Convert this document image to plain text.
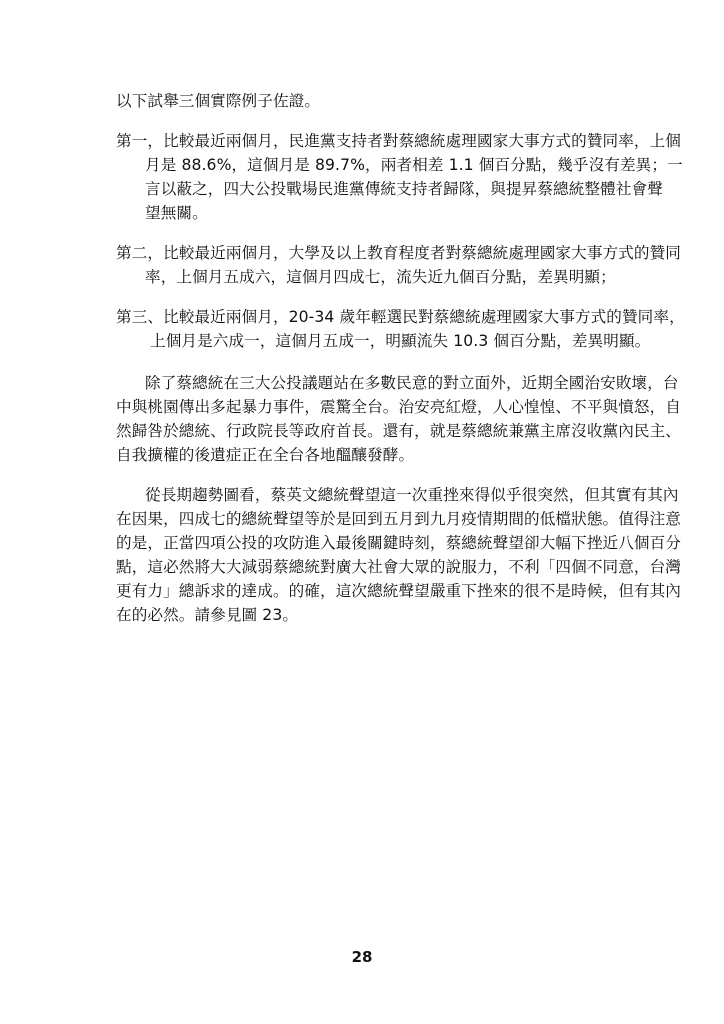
以下試舉三個實際例子佐證。
第一，比較最近兩個月，民進黨支持者對蔡總統處理國家大事方式的贊同率，上個
月是 88.6%，這個月是 89.7%，兩者相差 1.1 個百分點，幾乎沒有差異；一
言以蔽之，四大公投戰場民進黨傳統支持者歸隊，與提昇蔡總統整體社會聲
望無關。
第二，比較最近兩個月，大學及以上教育程度者對蔡總統處理國家大事方式的贊同
率，上個月五成六，這個月四成七，流失近九個百分點，差異明顯；
第三、比較最近兩個月，20-34 歲年輕選民對蔡總統處理國家大事方式的贊同率，
上個月是六成一，這個月五成一，明顯流失 10.3 個百分點，差異明顯。
除了蔡總統在三大公投議題站在多數民意的對立面外，近期全國治安敗壞，台
中與桃園傳出多起暴力事件，震驚全台。治安亮紅燈，人心惶惶、不平與憤怒，自
然歸咎於總統、行政院長等政府首長。還有，就是蔡總統兼黨主席沒收黨內民主、
自我擴權的後遺症正在全台各地醞釀發酵。
從長期趨勢圖看，蔡英文總統聲望這一次重挫來得似乎很突然，但其實有其內
在因果，四成七的總統聲望等於是回到五月到九月疫情期間的低檔狀態。值得注意
的是，正當四項公投的攻防進入最後關鍵時刻，蔡總統聲望卻大幅下挫近八個百分
點，這必然將大大減弱蔡總統對廣大社會大眾的說服力，不利「四個不同意，台灣
更有力」總訴求的達成。的確，這次總統聲望嚴重下挫來的很不是時候，但有其內
在的必然。請參見圖 23。
28
